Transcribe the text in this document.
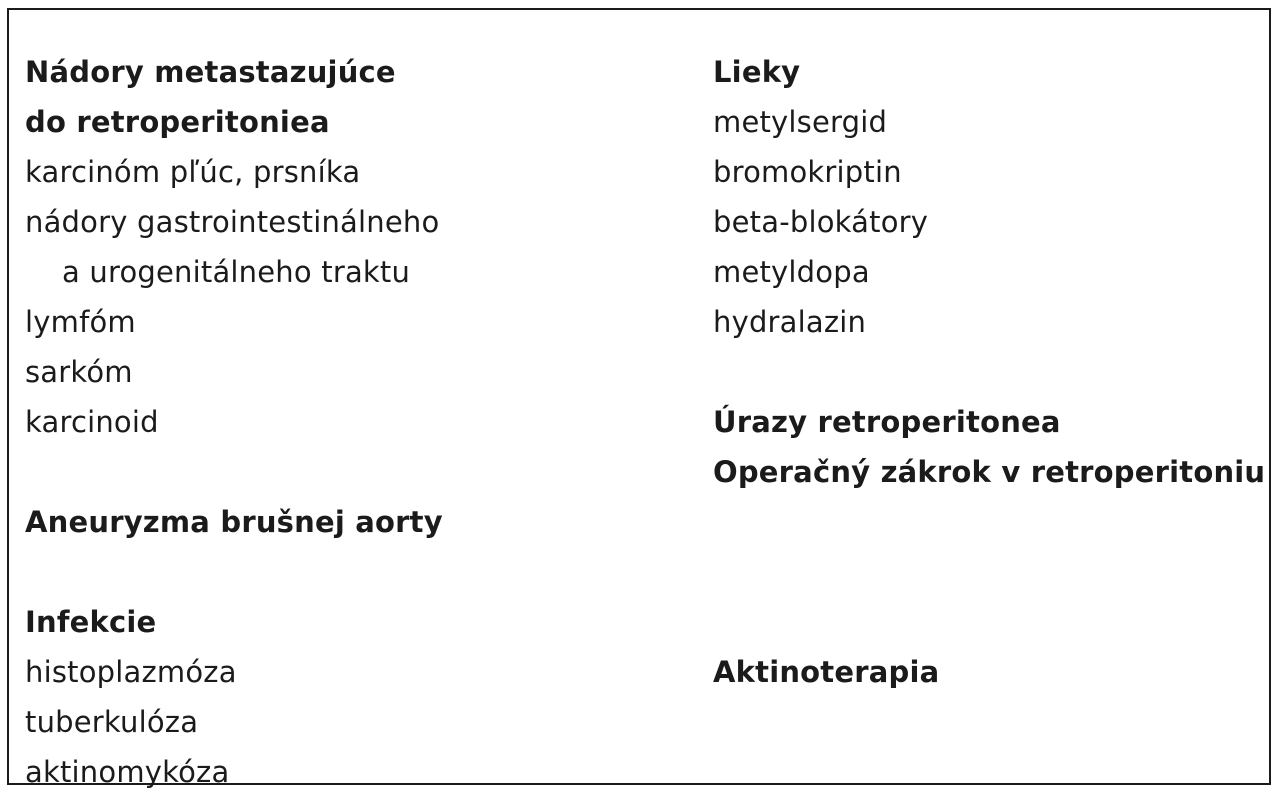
Nádory metastazujúce
do retroperitoniea
karcinóm pľúc, prsníka
nádory gastrointestinálneho
a urogenitálneho traktu
lymfóm
sarkóm
karcinoid
Aneuryzma brušnej aorty
Infekcie
histoplazmóza
tuberkulóza
aktinomykóza
Lieky
metylsergid
bromokriptin
beta-blokátory
metyldopa
hydralazin
Úrazy retroperitonea
Operačný zákrok v retroperitoniu
Aktinoterapia
